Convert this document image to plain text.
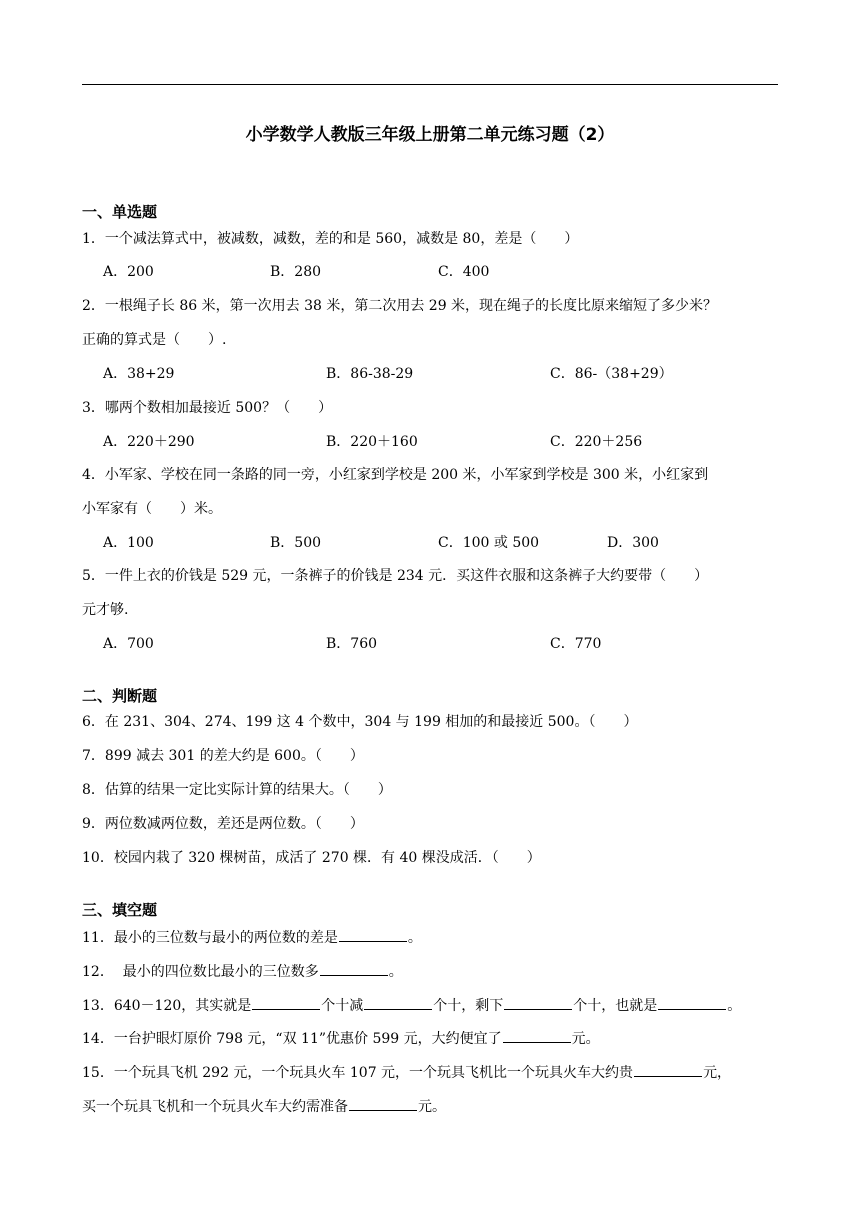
小学数学人教版三年级上册第二单元练习题（2）
一、单选题
1．一个减法算式中，被减数，减数，差的和是 560，减数是 80，差是（　　）
A．200	B．280	C．400
2．一根绳子长 86 米，第一次用去 38 米，第二次用去 29 米，现在绳子的长度比原来缩短了多少米？
正确的算式是（　　）.
A．38+29	B．86-38-29	C．86-（38+29）
3．哪两个数相加最接近 500？（　　）
A．220＋290	B．220＋160	C．220＋256
4．小军家、学校在同一条路的同一旁，小红家到学校是 200 米，小军家到学校是 300 米，小红家到
小军家有（　　）米。
A．100	B．500	C．100 或 500	D．300
5．一件上衣的价钱是 529 元，一条裤子的价钱是 234 元．买这件衣服和这条裤子大约要带（　　）
元才够.
A．700	B．760	C．770
二、判断题
6．在 231、304、274、199 这 4 个数中，304 与 199 相加的和最接近 500。（　　）
7．899 减去 301 的差大约是 600。（　　）
8．估算的结果一定比实际计算的结果大。（　　）
9．两位数减两位数，差还是两位数。（　　）
10．校园内栽了 320 棵树苗，成活了 270 棵．有 40 棵没成活．（　　）
三、填空题
11．最小的三位数与最小的两位数的差是	。
12．  最小的四位数比最小的三位数多	。
13．640－120，其实就是	个十减	个十，剩下	个十，也就是	。
14．一台护眼灯原价 798 元，“双 11”优惠价 599 元，大约便宜了	元。
15．一个玩具飞机 292 元，一个玩具火车 107 元，一个玩具飞机比一个玩具火车大约贵	元，
买一个玩具飞机和一个玩具火车大约需准备	元。
